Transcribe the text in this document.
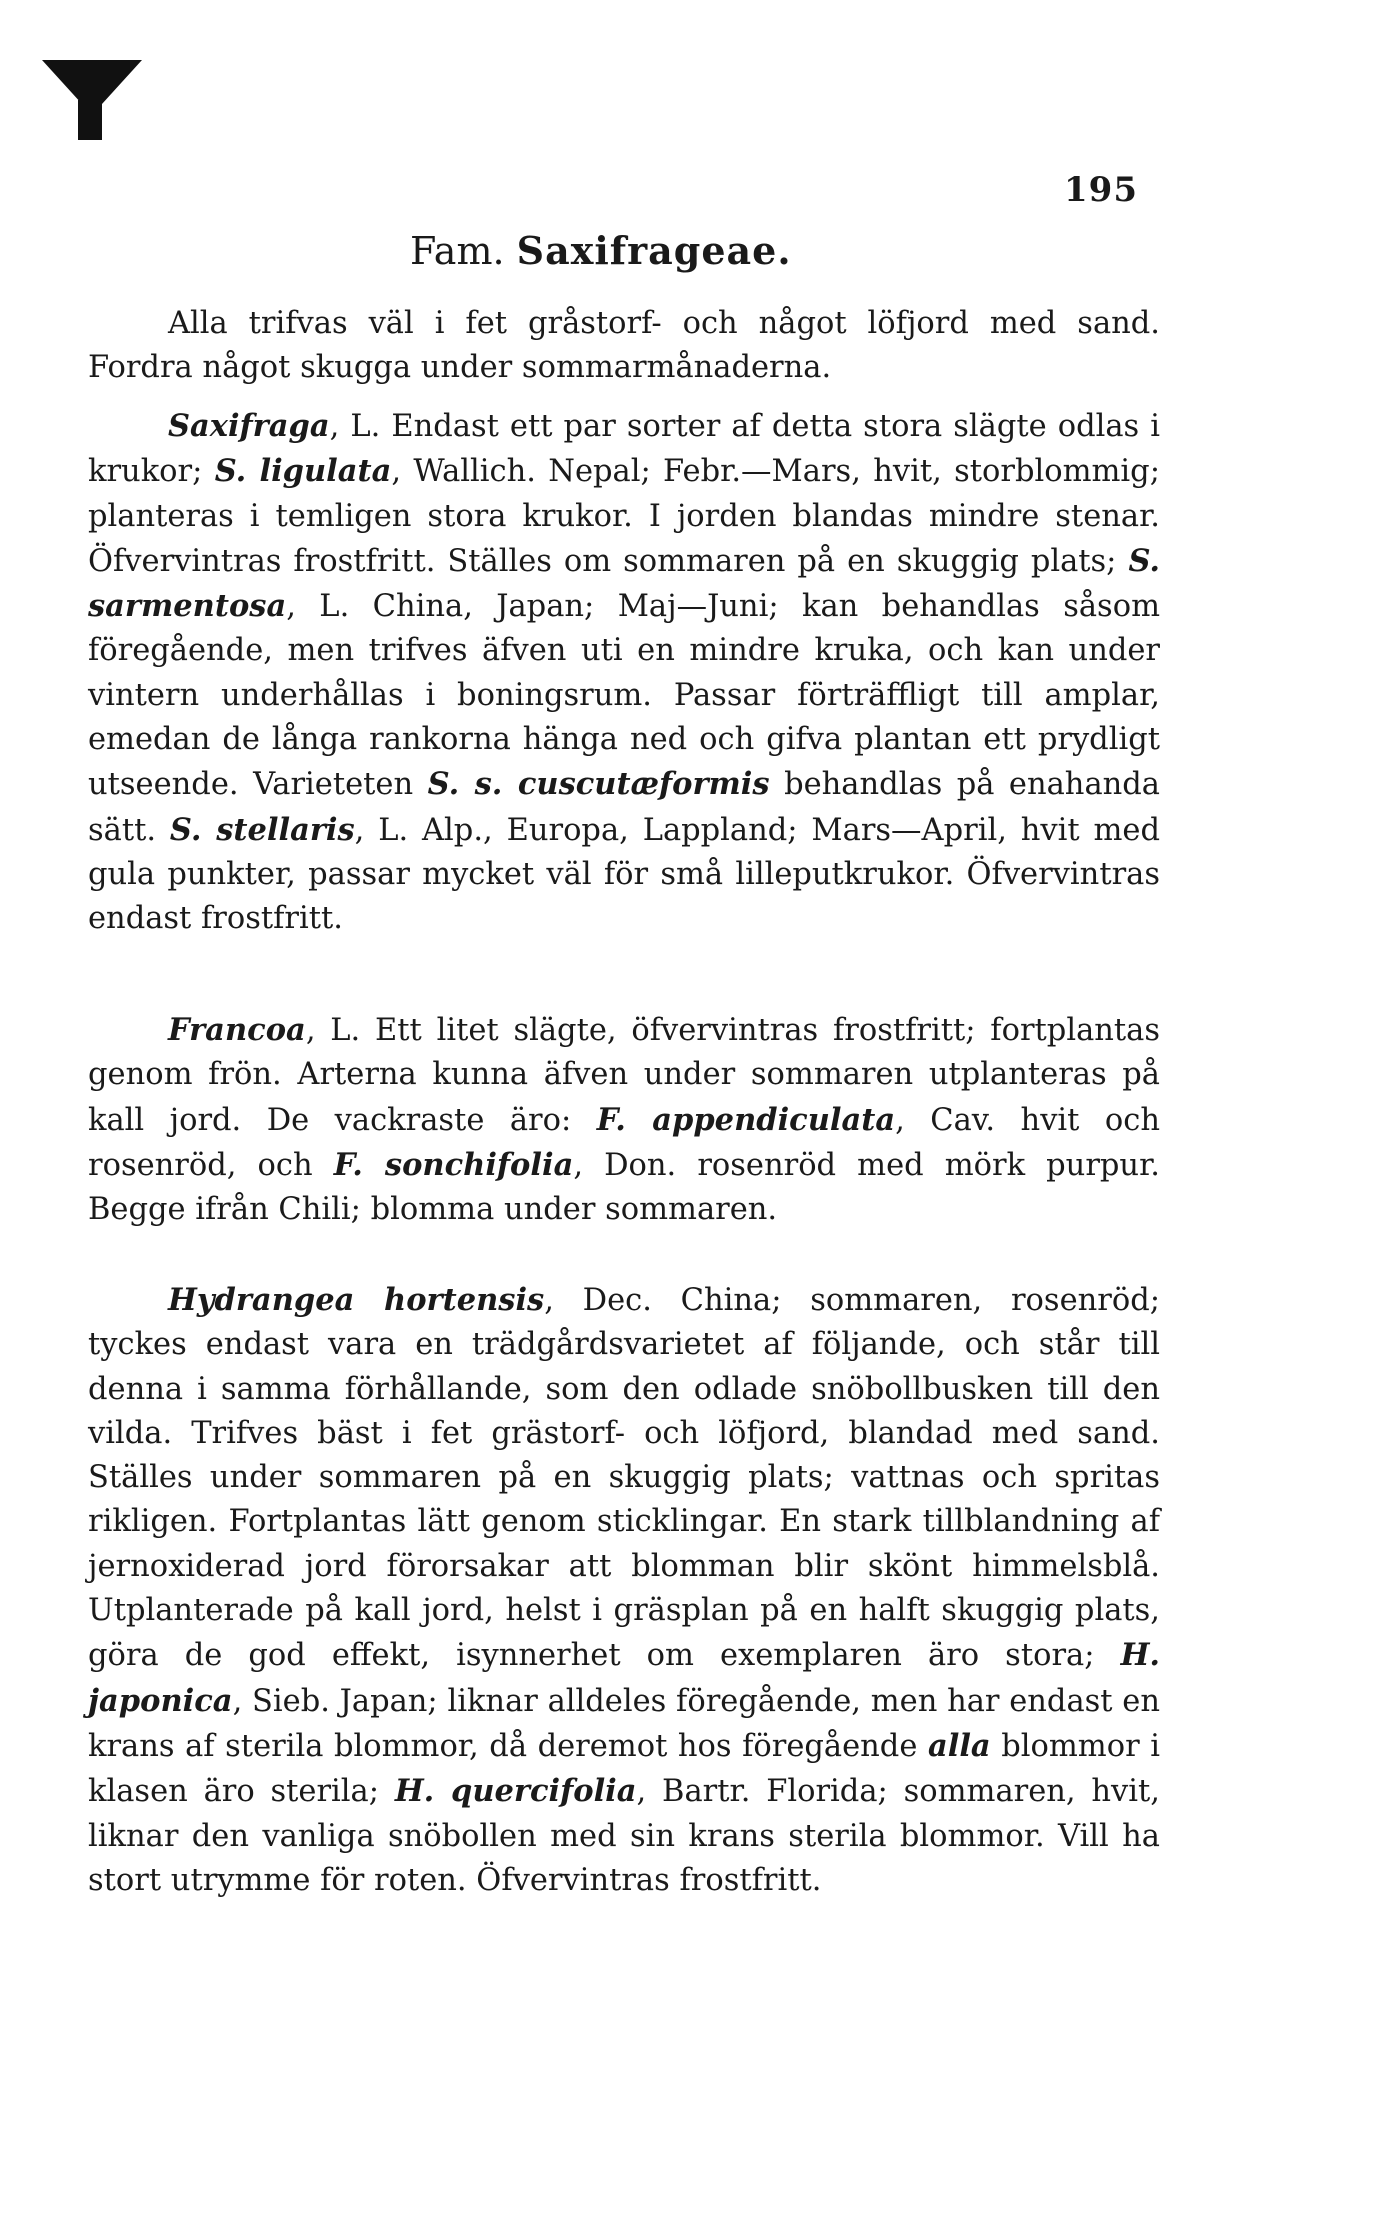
195
Fam. Saxifrageae.

Alla trifvas väl i fet gråstorf- och något löfjord med sand. Fordra något skugga under sommarmånaderna.

Saxifraga, L. Endast ett par sorter af detta stora slägte odlas i krukor; S. ligulata, Wallich. Nepal; Febr.—Mars, hvit, storblommig; planteras i temligen stora krukor. I jorden blandas mindre stenar. Öfvervintras frostfritt. Ställes om sommaren på en skuggig plats; S. sarmentosa, L. China, Japan; Maj—Juni; kan behandlas såsom föregående, men trifves äfven uti en mindre kruka, och kan under vintern underhållas i boningsrum. Passar förträffligt till amplar, emedan de långa rankorna hänga ned och gifva plantan ett prydligt utseende. Varieteten S. s. cuscutæformis behandlas på enahanda sätt. S. stellaris, L. Alp., Europa, Lappland; Mars—April, hvit med gula punkter, passar mycket väl för små lilleputkrukor. Öfvervintras endast frostfritt.

Francoa, L. Ett litet slägte, öfvervintras frostfritt; fortplantas genom frön. Arterna kunna äfven under sommaren utplanteras på kall jord. De vackraste äro: F. appendiculata, Cav. hvit och rosenröd, och F. sonchifolia, Don. rosenröd med mörk purpur. Begge ifrån Chili; blomma under sommaren.

Hydrangea hortensis, Dec. China; sommaren, rosenröd; tyckes endast vara en trädgårdsvarietet af följande, och står till denna i samma förhållande, som den odlade snöbollbusken till den vilda. Trifves bäst i fet grästorf- och löfjord, blandad med sand. Ställes under sommaren på en skuggig plats; vattnas och spritas rikligen. Fortplantas lätt genom sticklingar. En stark tillblandning af jernoxiderad jord förorsakar att blomman blir skönt himmelsblå. Utplanterade på kall jord, helst i gräsplan på en halft skuggig plats, göra de god effekt, isynnerhet om exemplaren äro stora; H. japonica, Sieb. Japan; liknar alldeles föregående, men har endast en krans af sterila blommor, då deremot hos föregående alla blommor i klasen äro sterila; H. quercifolia, Bartr. Florida; sommaren, hvit, liknar den vanliga snöbollen med sin krans sterila blommor. Vill ha stort utrymme för roten. Öfvervintras frostfritt.
